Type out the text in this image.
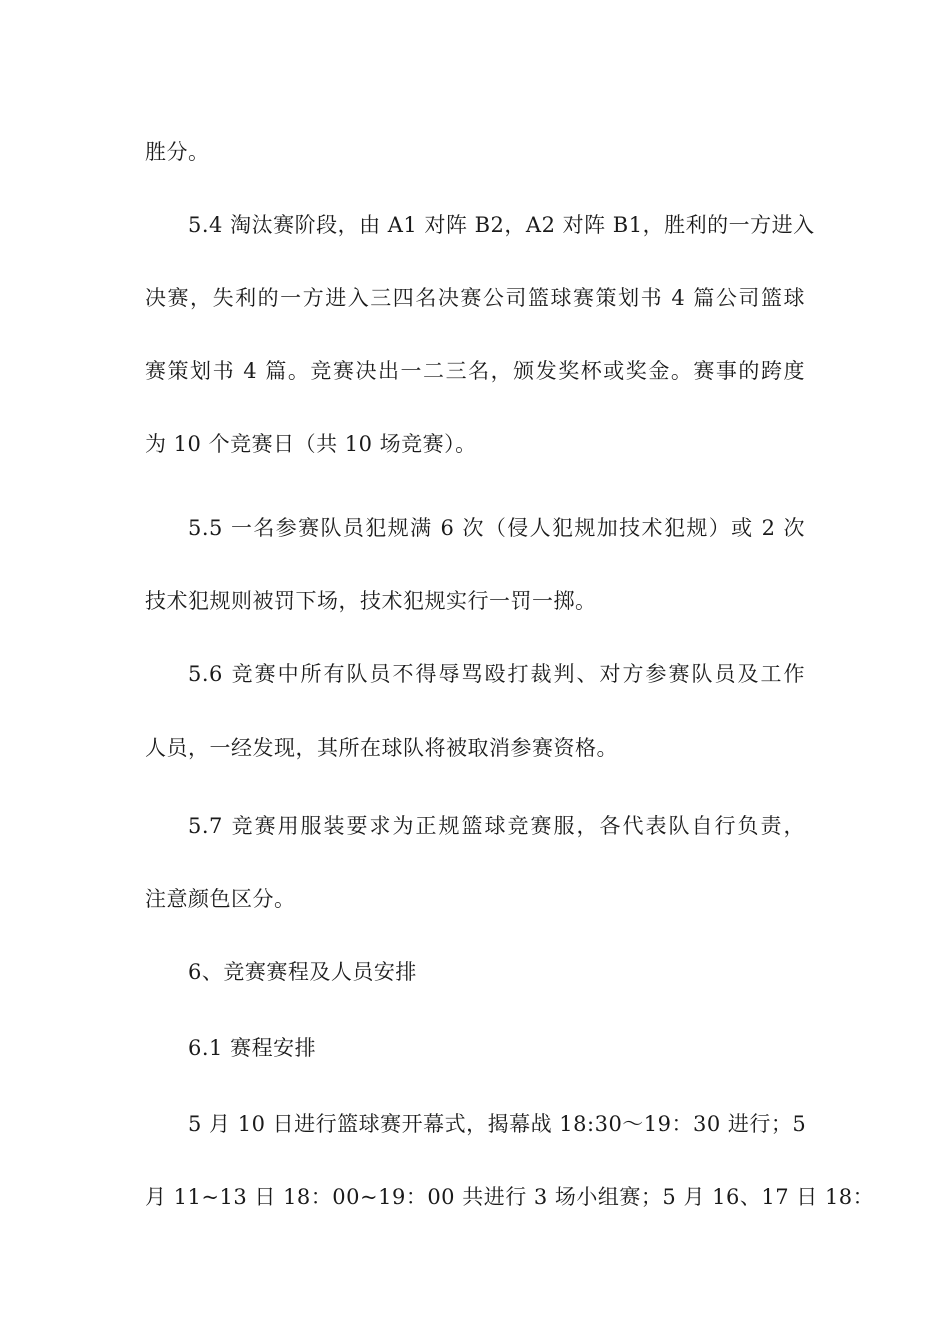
胜分。
5.4 淘汰赛阶段，由 A1 对阵 B2，A2 对阵 B1，胜利的一方进入
决赛，失利的一方进入三四名决赛公司篮球赛策划书 4 篇公司篮球
赛策划书 4 篇。竞赛决出一二三名，颁发奖杯或奖金。赛事的跨度
为 10 个竞赛日（共 10 场竞赛）。
5.5 一名参赛队员犯规满 6 次（侵人犯规加技术犯规）或 2 次
技术犯规则被罚下场，技术犯规实行一罚一掷。
5.6 竞赛中所有队员不得辱骂殴打裁判、对方参赛队员及工作
人员，一经发现，其所在球队将被取消参赛资格。
5.7 竞赛用服装要求为正规篮球竞赛服，各代表队自行负责，
注意颜色区分。
6、竞赛赛程及人员安排
6.1 赛程安排
5 月 10 日进行篮球赛开幕式，揭幕战 18:30～19：30 进行；5
月 11~13 日 18：00~19：00 共进行 3 场小组赛；5 月 16、17 日 18：
